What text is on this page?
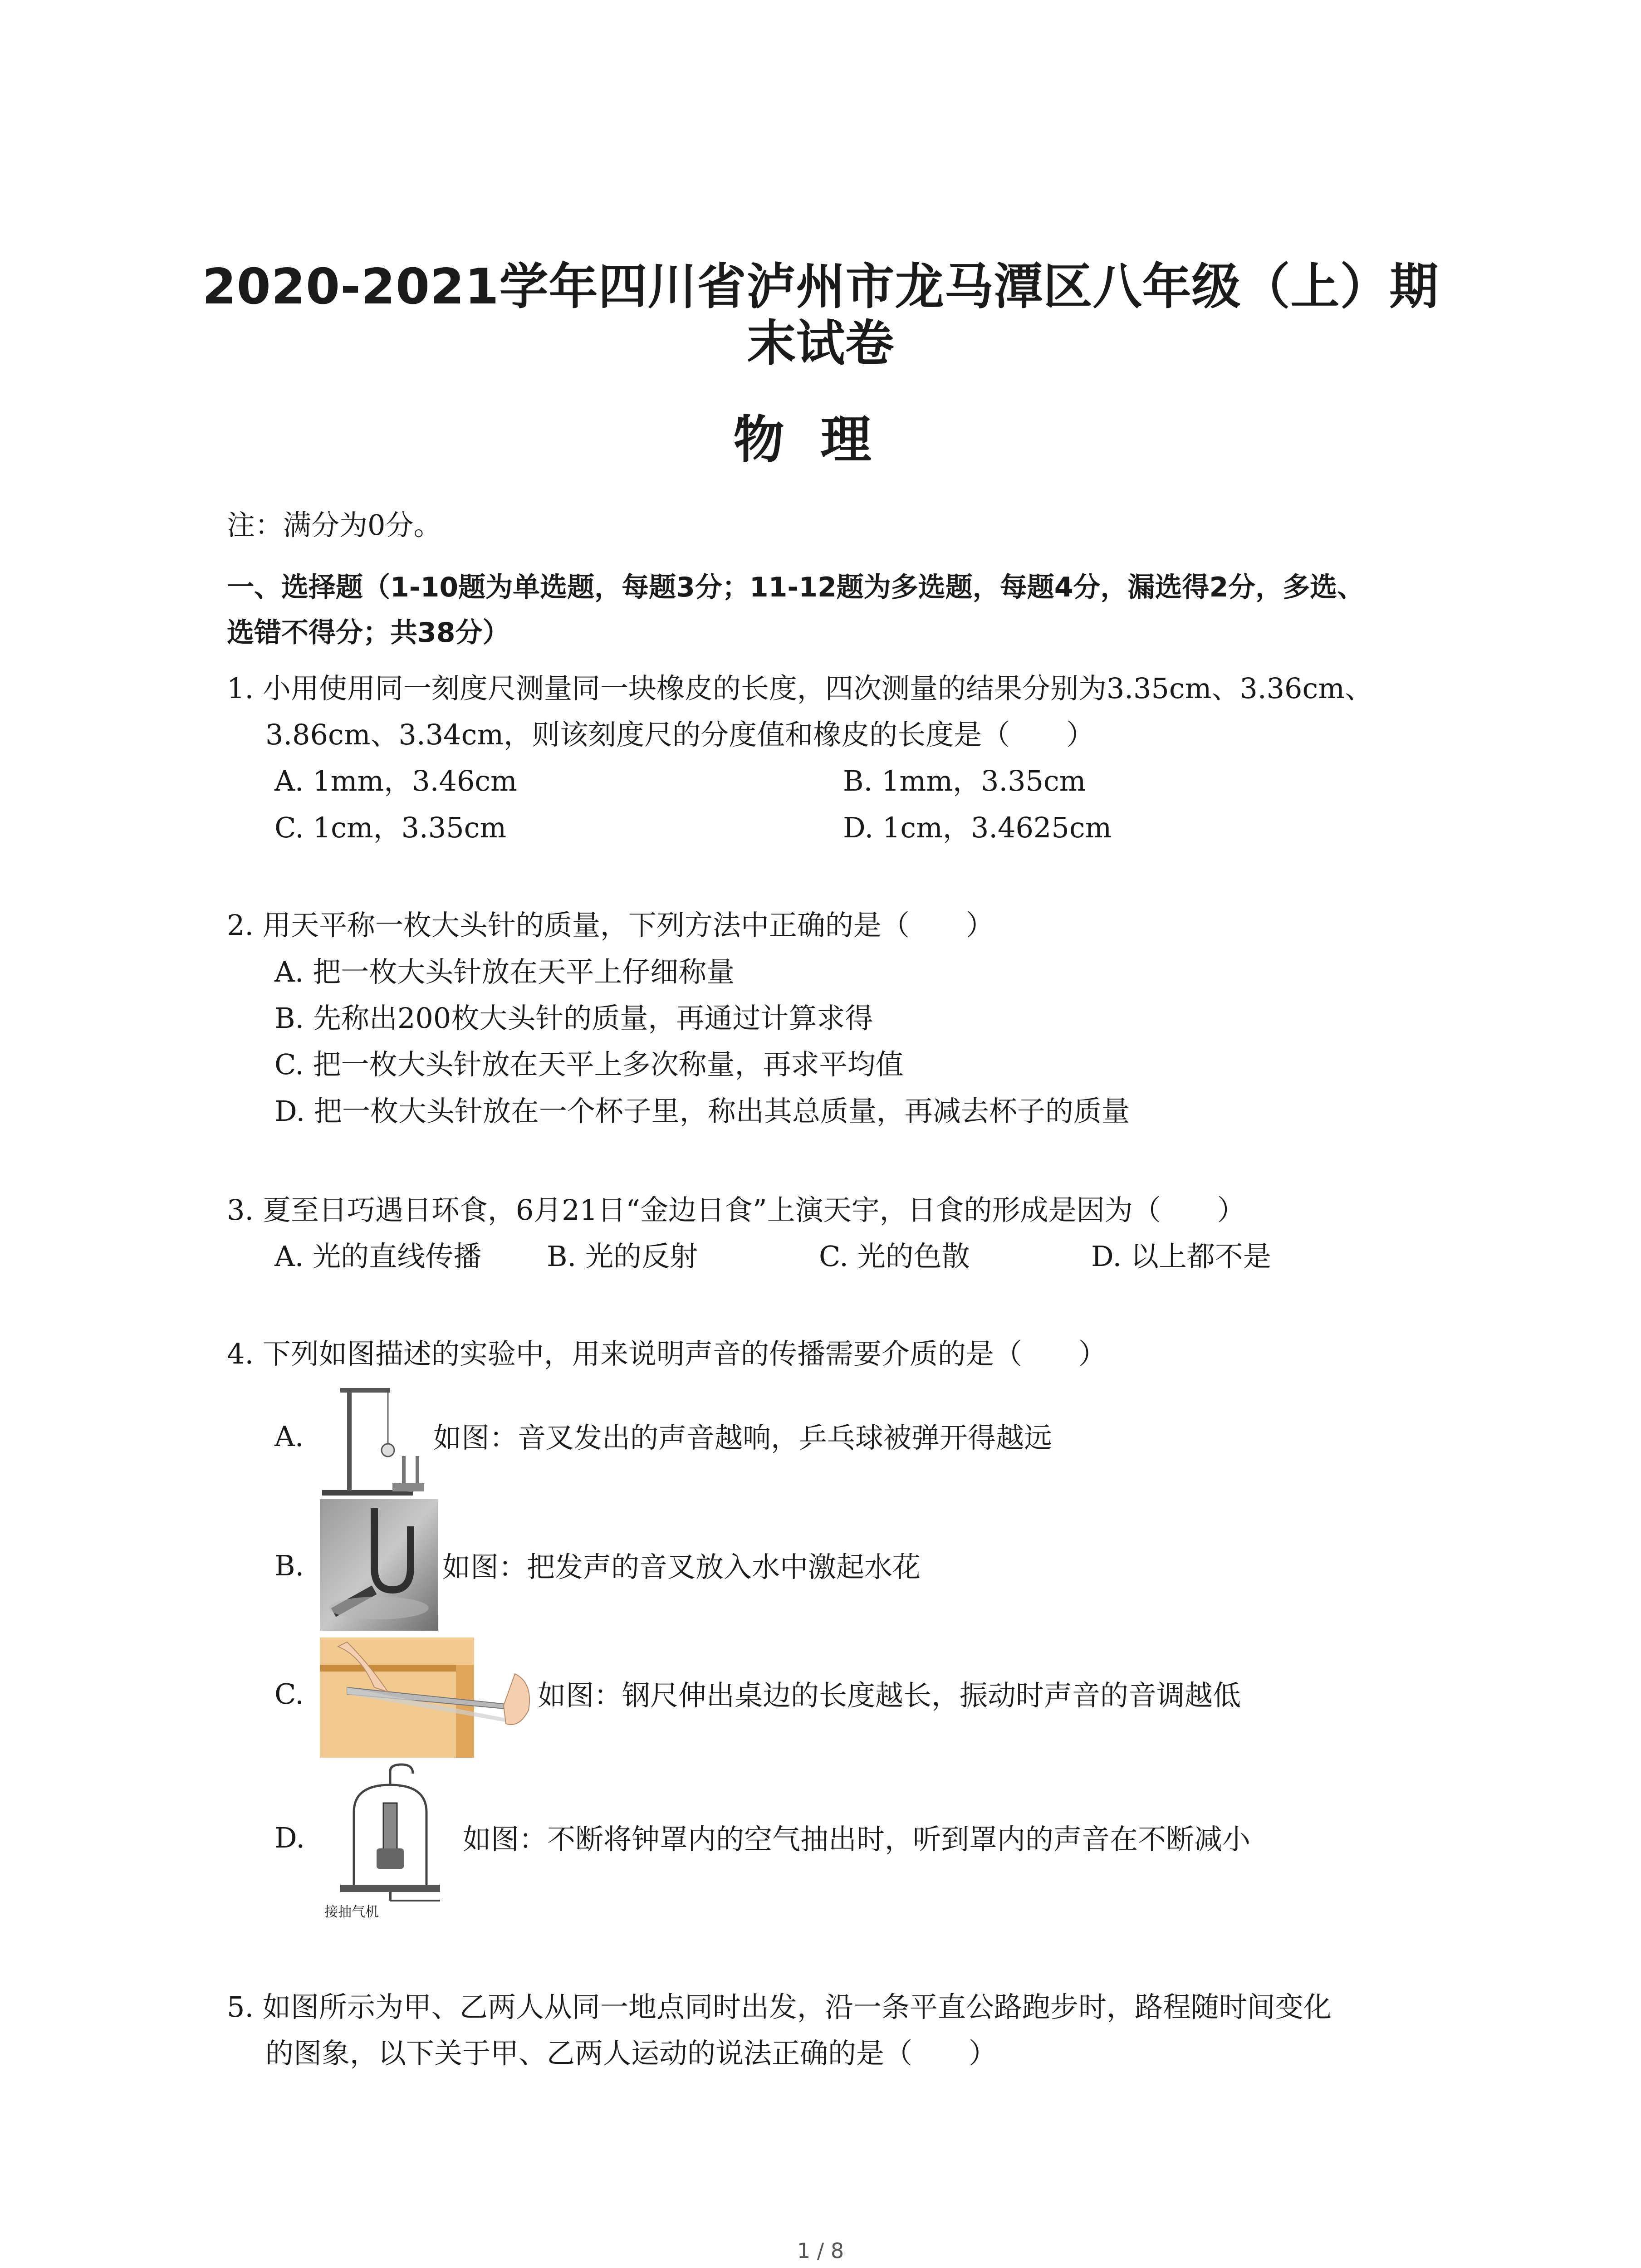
2020-2021学年四川省泸州市龙马潭区八年级（上）期
末试卷
物理
注：满分为0分。
一、选择题（1-10题为单选题，每题3分；11-12题为多选题，每题4分，漏选得2分，多选、
选错不得分；共38分）
1. 小用使用同一刻度尺测量同一块橡皮的长度，四次测量的结果分别为3.35cm、3.36cm、
3.86cm、3.34cm，则该刻度尺的分度值和橡皮的长度是（　　）
A. 1mm，3.46cm	B. 1mm，3.35cm
C. 1cm，3.35cm	D. 1cm，3.4625cm
2. 用天平称一枚大头针的质量，下列方法中正确的是（　　）
A. 把一枚大头针放在天平上仔细称量
B. 先称出200枚大头针的质量，再通过计算求得
C. 把一枚大头针放在天平上多次称量，再求平均值
D. 把一枚大头针放在一个杯子里，称出其总质量，再减去杯子的质量
3. 夏至日巧遇日环食，6月21日“金边日食”上演天宇，日食的形成是因为（　　）
A. 光的直线传播 B. 光的反射	C. 光的色散	D. 以上都不是
4. 下列如图描述的实验中，用来说明声音的传播需要介质的是（　　）
A.	如图：音叉发出的声音越响，乒乓球被弹开得越远
B.	如图：把发声的音叉放入水中激起水花
C.	如图：钢尺伸出桌边的长度越长，振动时声音的音调越低
D.
接抽气机
如图：不断将钟罩内的空气抽出时，听到罩内的声音在不断减小
5. 如图所示为甲、乙两人从同一地点同时出发，沿一条平直公路跑步时，路程随时间变化
的图象，以下关于甲、乙两人运动的说法正确的是（　　）
1 / 8
